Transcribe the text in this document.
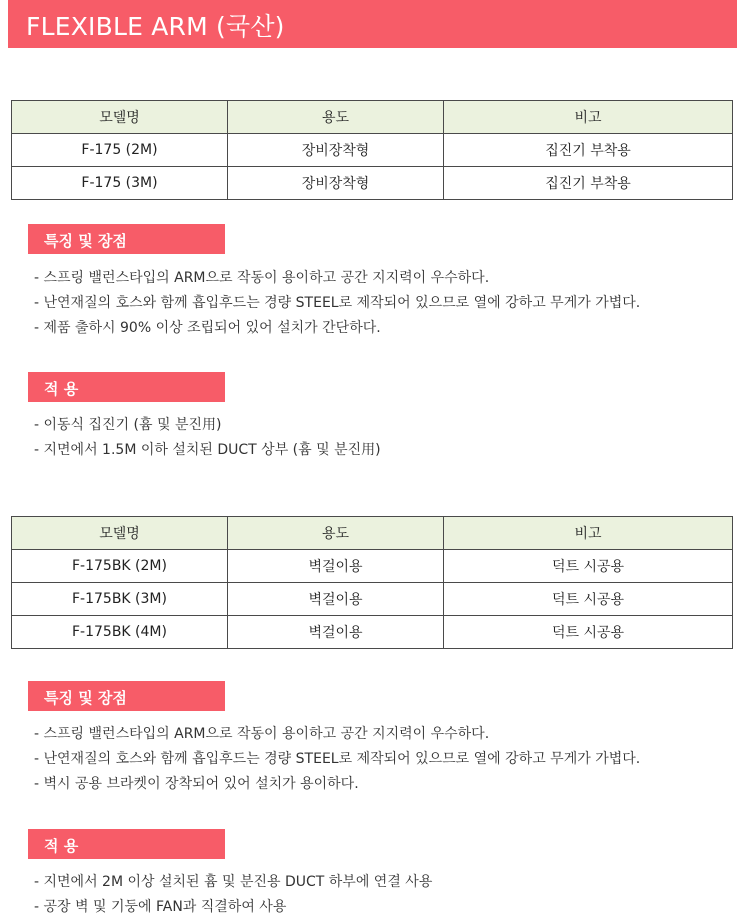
FLEXIBLE ARM (국산)
모델명	용도	비고
F-175 (2M)	장비장착형	집진기 부착용
F-175 (3M)	장비장착형	집진기 부착용
특징 및 장점
- 스프링 밸런스타입의 ARM으로 작동이 용이하고 공간 지지력이 우수하다.
- 난연재질의 호스와 함께 흡입후드는 경량 STEEL로 제작되어 있으므로 열에 강하고 무게가 가볍다.
- 제품 출하시 90% 이상 조립되어 있어 설치가 간단하다.
적 용
- 이동식 집진기 (흄 및 분진用)
- 지면에서 1.5M 이하 설치된 DUCT 상부 (흄 및 분진用)
모델명	용도	비고
F-175BK (2M)	벽걸이용	덕트 시공용
F-175BK (3M)	벽걸이용	덕트 시공용
F-175BK (4M)	벽걸이용	덕트 시공용
특징 및 장점
- 스프링 밸런스타입의 ARM으로 작동이 용이하고 공간 지지력이 우수하다.
- 난연재질의 호스와 함께 흡입후드는 경량 STEEL로 제작되어 있으므로 열에 강하고 무게가 가볍다.
- 벽시 공용 브라켓이 장착되어 있어 설치가 용이하다.
적 용
- 지면에서 2M 이상 설치된 흄 및 분진용 DUCT 하부에 연결 사용
- 공장 벽 및 기둥에 FAN과 직결하여 사용
